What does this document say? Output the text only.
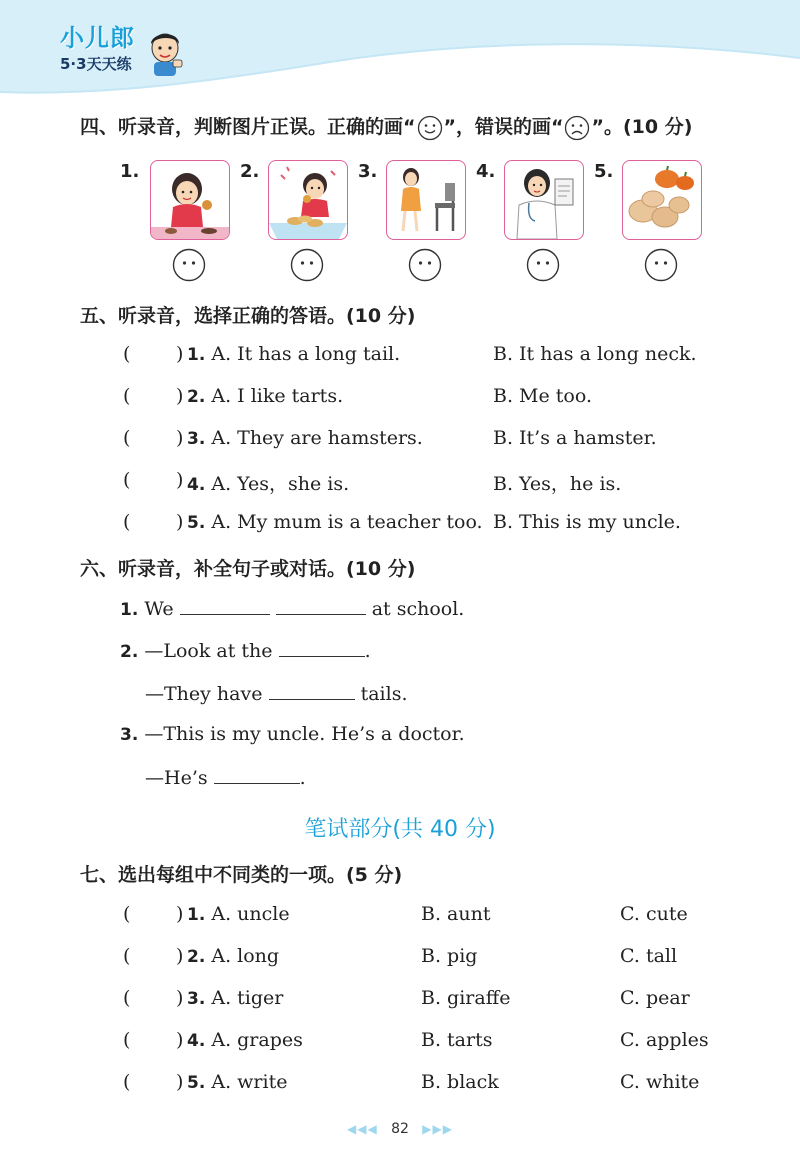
小儿郎
5·3天天练
四、听录音，判断图片正误。正确的画“ ”，错误的画“ ”。(10 分)
1.	2.	3.	4.	5.
五、听录音，选择正确的答语。(10 分)
( ) 1. A. It has a long tail.	B. It has a long neck.
( ) 2. A. I like tarts.	B. Me too.
( ) 3. A. They are hamsters.	B. It’s a hamster.
( ) 4. A. Yes，she is.	B. Yes，he is.
( ) 5. A. My mum is a teacher too. B. This is my uncle.
六、听录音，补全句子或对话。(10 分)
1. We	at school.
2. —Look at the	.
—They have	tails.
3. —This is my uncle. He’s a doctor.
—He’s	.
笔试部分(共 40 分)
七、选出每组中不同类的一项。(5 分)
( ) 1. A. uncle	B. aunt	C. cute
( ) 2. A. long	B. pig	C. tall
( ) 3. A. tiger	B. giraffe	C. pear
( ) 4. A. grapes	B. tarts	C. apples
( ) 5. A. write	B. black	C. white
◀◀◀ 82 ▶▶▶
